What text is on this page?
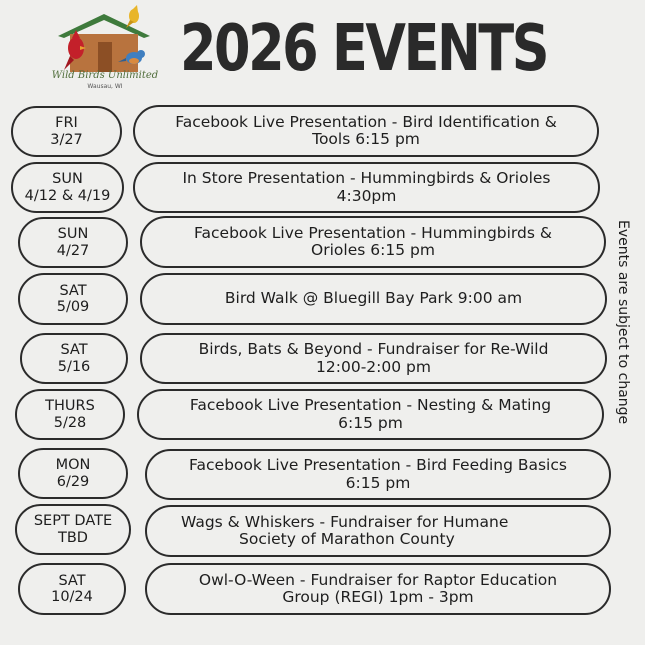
Wild Birds Unlimited
Wausau, WI
2026 EVENTS
Events are subject to change
FRI
3/27
Facebook Live Presentation - Bird Identification &
Tools 6:15 pm
SUN
4/12 & 4/19
In Store Presentation - Hummingbirds & Orioles
4:30pm
SUN
4/27
Facebook Live Presentation - Hummingbirds &
Orioles 6:15 pm
SAT
5/09	Bird Walk @ Bluegill Bay Park 9:00 am
SAT
5/16
Birds, Bats & Beyond - Fundraiser for Re-Wild
12:00-2:00 pm
THURS
5/28
Facebook Live Presentation - Nesting & Mating
6:15 pm
MON
6/29
Facebook Live Presentation - Bird Feeding Basics
6:15 pm
SEPT DATE
TBD
Wags & Whiskers - Fundraiser for Humane
Society of Marathon County
SAT
10/24
Owl-O-Ween - Fundraiser for Raptor Education
Group (REGI) 1pm - 3pm
